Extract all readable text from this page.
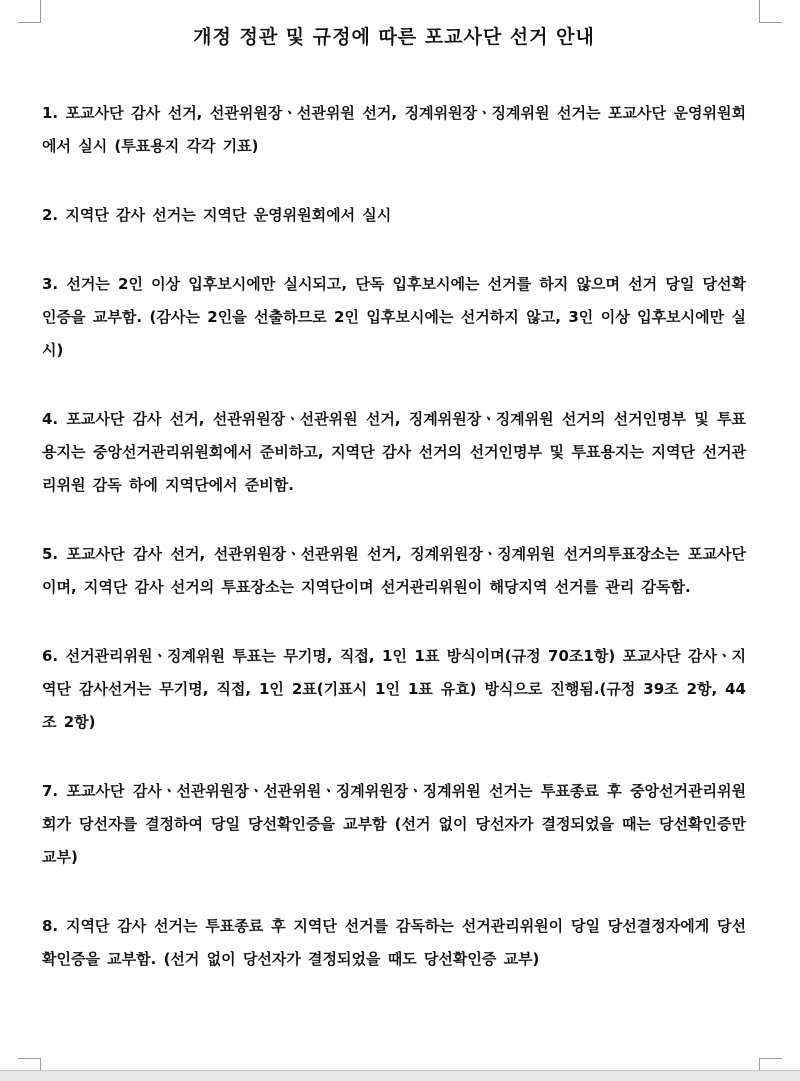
개정 정관 및 규정에 따른 포교사단 선거 안내

1. 포교사단 감사 선거, 선관위원장ㆍ선관위원 선거, 징계위원장ㆍ징계위원 선거는 포교사단 운영위원회에서 실시 (투표용지 각각 기표)

2. 지역단 감사 선거는 지역단 운영위원회에서 실시

3. 선거는 2인 이상 입후보시에만 실시되고, 단독 입후보시에는 선거를 하지 않으며 선거 당일 당선확인증을 교부함. (감사는 2인을 선출하므로 2인 입후보시에는 선거하지 않고, 3인 이상 입후보시에만 실시)

4. 포교사단 감사 선거, 선관위원장ㆍ선관위원 선거, 징계위원장ㆍ징계위원 선거의 선거인명부 및 투표용지는 중앙선거관리위원회에서 준비하고, 지역단 감사 선거의 선거인명부 및 투표용지는 지역단 선거관리위원 감독 하에 지역단에서 준비함.

5. 포교사단 감사 선거, 선관위원장ㆍ선관위원 선거, 징계위원장ㆍ징계위원 선거의투표장소는 포교사단이며, 지역단 감사 선거의 투표장소는 지역단이며 선거관리위원이 해당지역 선거를 관리 감독함.

6. 선거관리위원ㆍ징계위원 투표는 무기명, 직접, 1인 1표 방식이며(규정 70조1항) 포교사단 감사ㆍ지역단 감사선거는 무기명, 직접, 1인 2표(기표시 1인 1표 유효) 방식으로 진행됨.(규정 39조 2항, 44조 2항)

7. 포교사단 감사ㆍ선관위원장ㆍ선관위원ㆍ징계위원장ㆍ징계위원 선거는 투표종료 후 중앙선거관리위원회가 당선자를 결정하여 당일 당선확인증을 교부함 (선거 없이 당선자가 결정되었을 때는 당선확인증만 교부)

8. 지역단 감사 선거는 투표종료 후 지역단 선거를 감독하는 선거관리위원이 당일 당선결정자에게 당선확인증을 교부함. (선거 없이 당선자가 결정되었을 때도 당선확인증 교부)
